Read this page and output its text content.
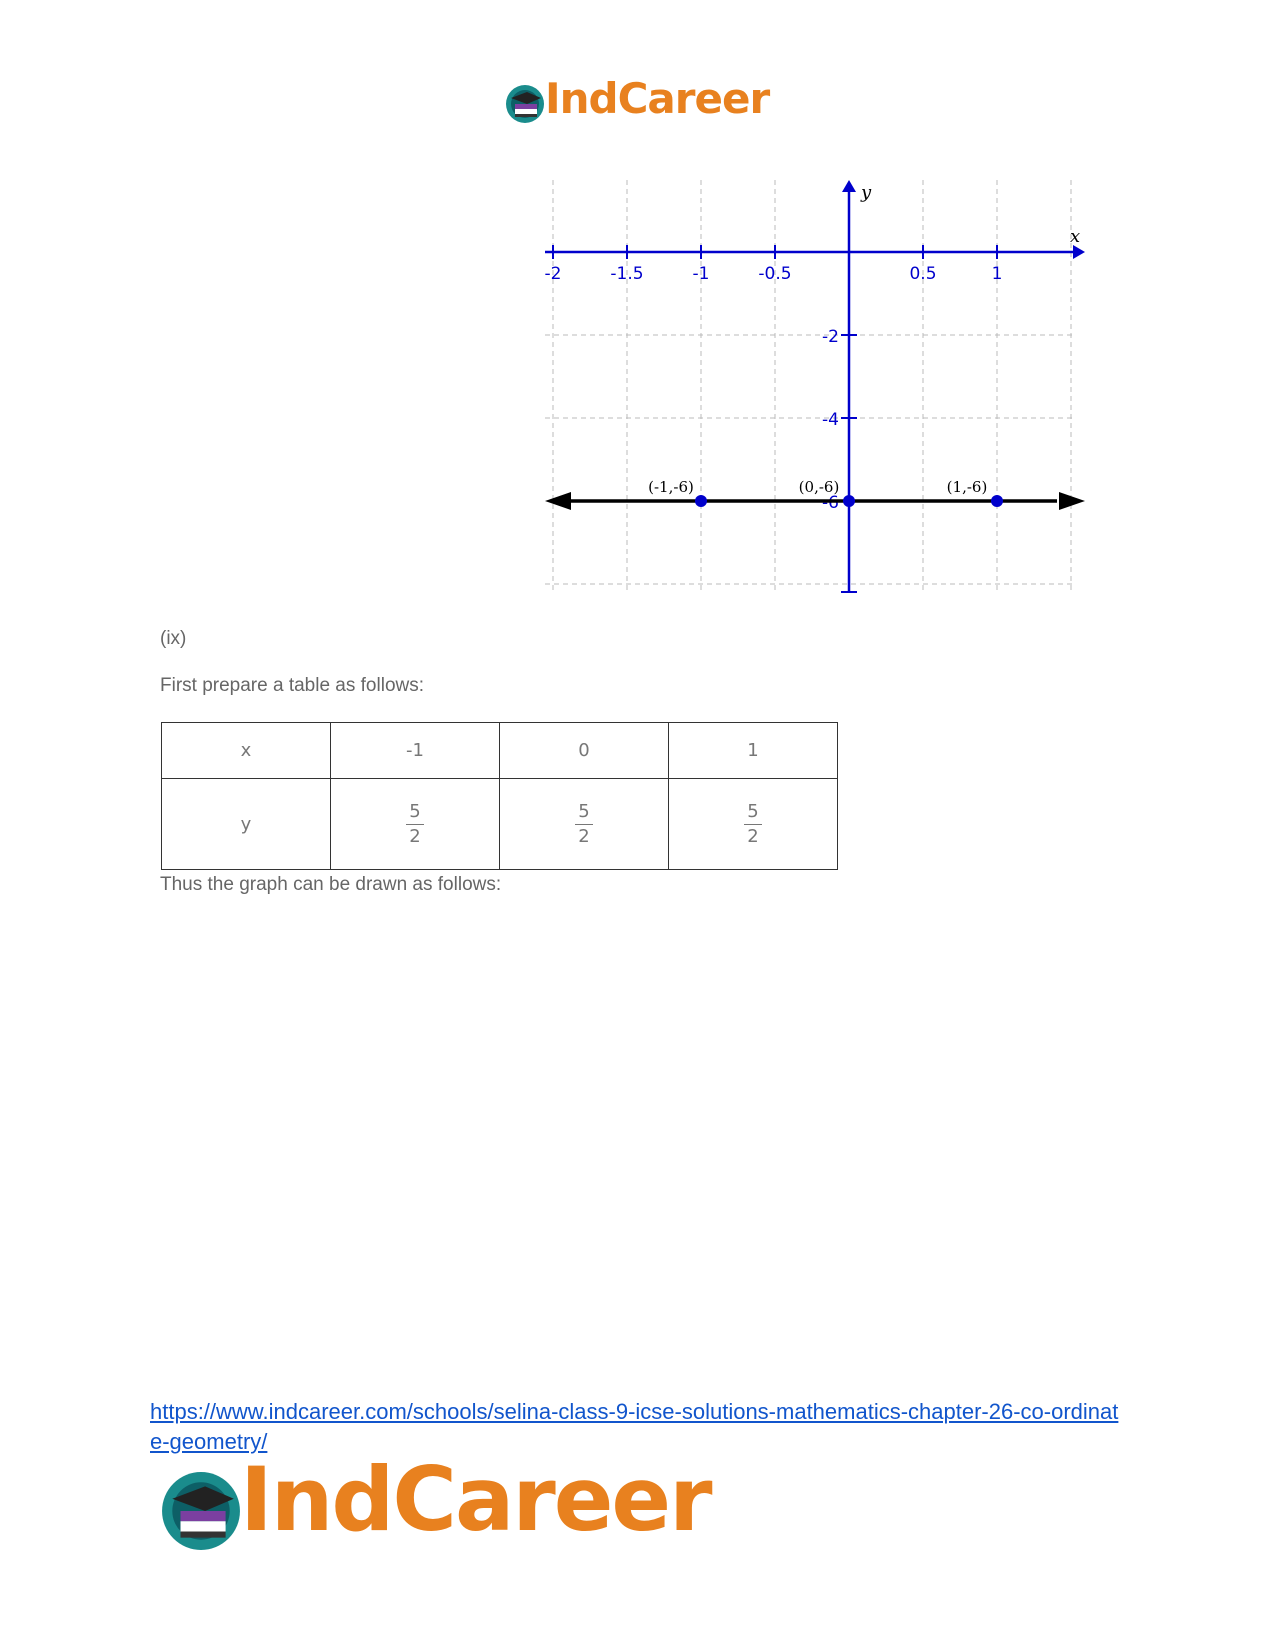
IndCareer
x
y
-2	-1.5	-1	-0.5	0.5	1
-2
-4
-6
(-1,-6)	(0,-6)	(1,-6)
(ix)
First prepare a table as follows:
x	-1	0	1
y	$\frac{5}{2}$	$\frac{5}{2}$	$\frac{5}{2}$
Thus the graph can be drawn as follows:
https://www.indcareer.com/schools/selina-class-9-icse-solutions-mathematics-chapter-26-co-ordinate-geometry/
IndCareer
